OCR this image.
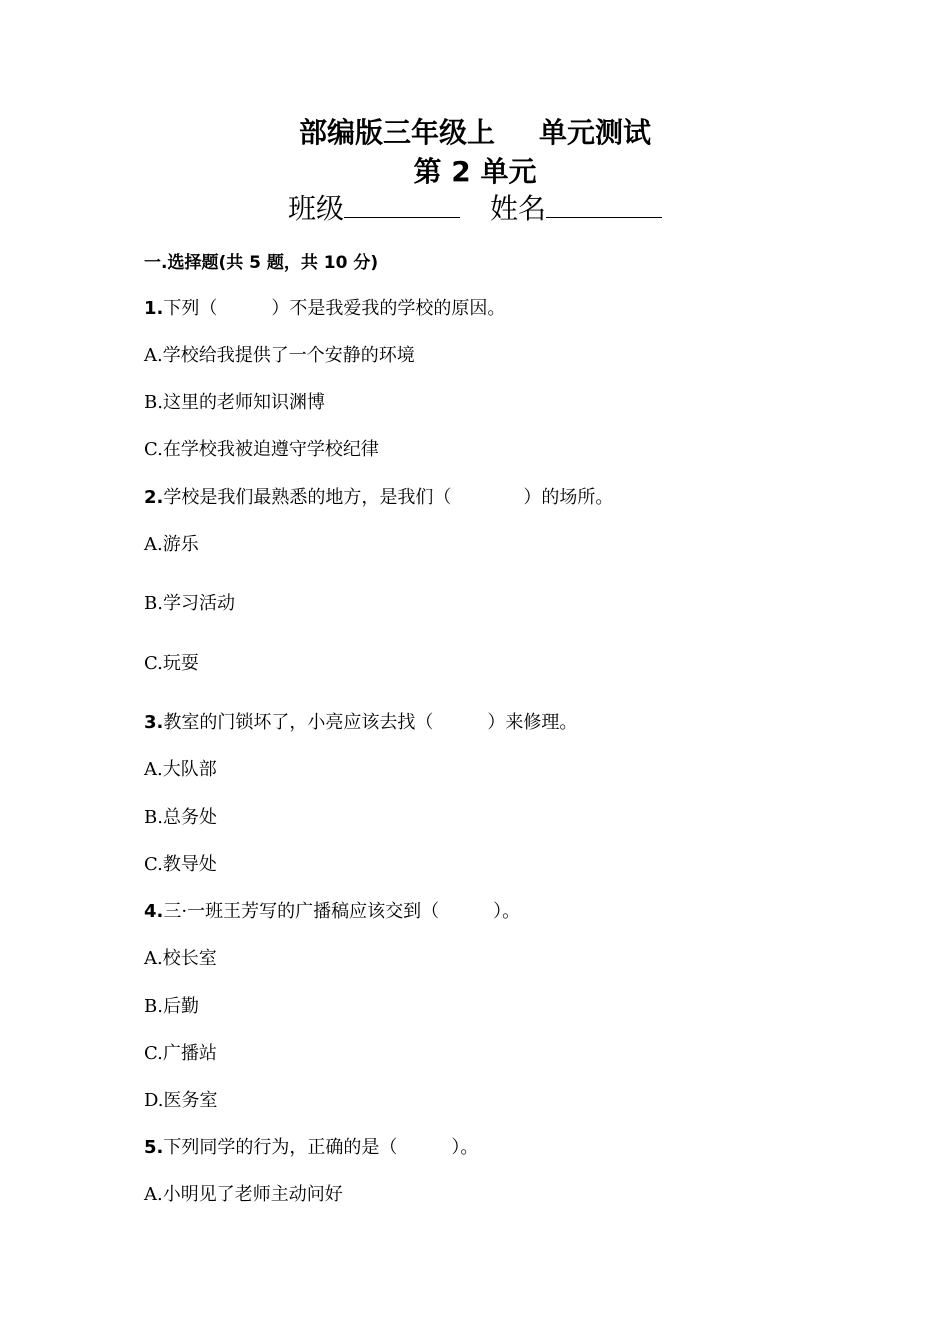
部编版三年级上 单元测试
第 2 单元
班级	姓名
一.选择题(共 5 题，共 10 分)
1.下列（　　　）不是我爱我的学校的原因。
A.学校给我提供了一个安静的环境
B.这里的老师知识渊博
C.在学校我被迫遵守学校纪律
2.学校是我们最熟悉的地方，是我们（　　　　）的场所。
A.游乐
B.学习活动
C.玩耍
3.教室的门锁坏了，小亮应该去找（　　　）来修理。
A.大队部
B.总务处
C.教导处
4.三·一班王芳写的广播稿应该交到（　　　）。
A.校长室
B.后勤
C.广播站
D.医务室
5.下列同学的行为，正确的是（　　　）。
A.小明见了老师主动问好
